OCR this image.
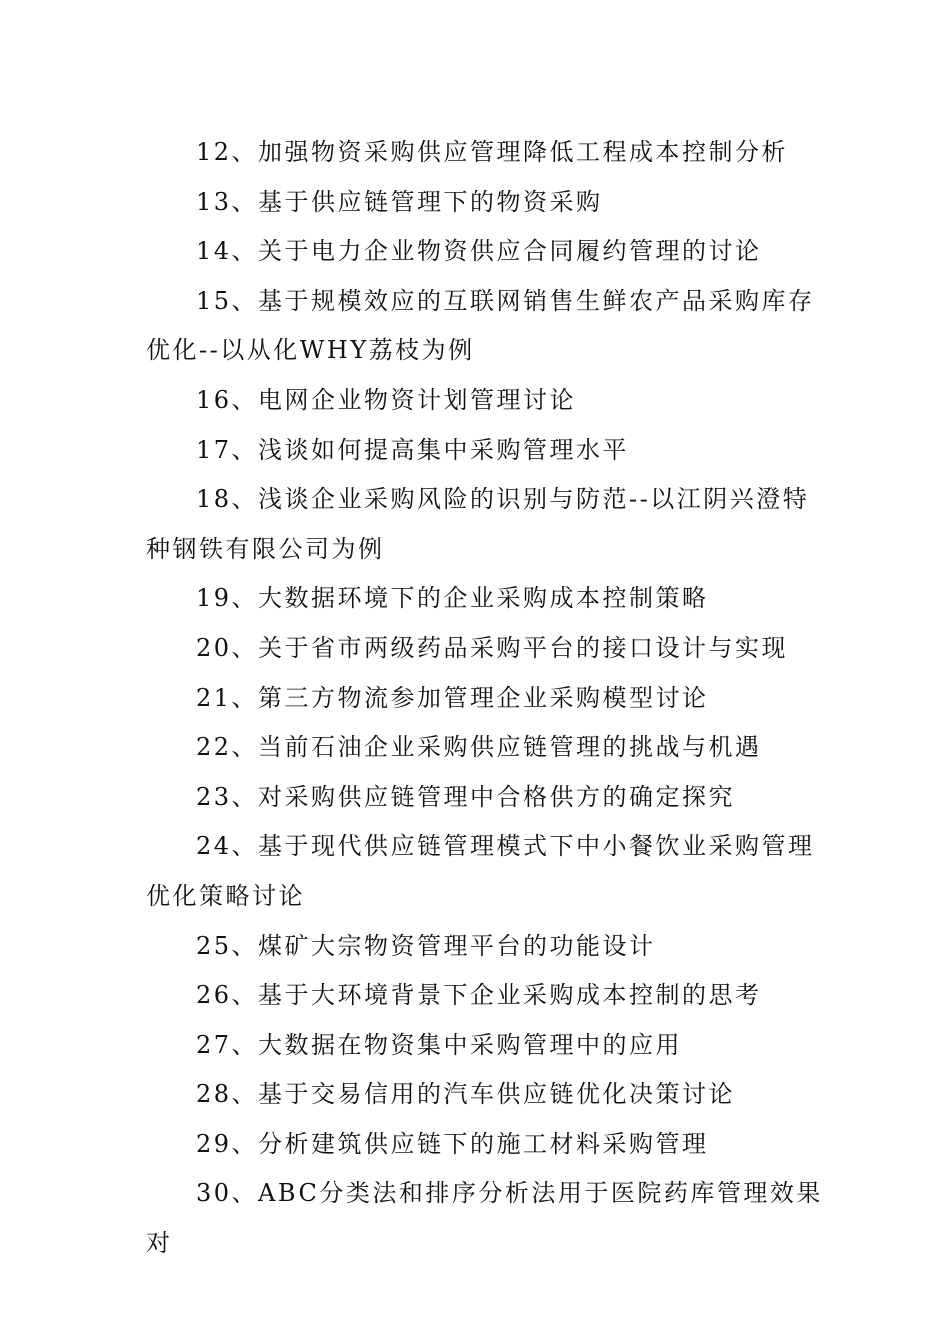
12、加强物资采购供应管理降低工程成本控制分析

13、基于供应链管理下的物资采购

14、关于电力企业物资供应合同履约管理的讨论

15、基于规模效应的互联网销售生鲜农产品采购库存优化--以从化WHY荔枝为例

16、电网企业物资计划管理讨论

17、浅谈如何提高集中采购管理水平

18、浅谈企业采购风险的识别与防范--以江阴兴澄特种钢铁有限公司为例

19、大数据环境下的企业采购成本控制策略

20、关于省市两级药品采购平台的接口设计与实现

21、第三方物流参加管理企业采购模型讨论

22、当前石油企业采购供应链管理的挑战与机遇

23、对采购供应链管理中合格供方的确定探究

24、基于现代供应链管理模式下中小餐饮业采购管理优化策略讨论

25、煤矿大宗物资管理平台的功能设计

26、基于大环境背景下企业采购成本控制的思考

27、大数据在物资集中采购管理中的应用

28、基于交易信用的汽车供应链优化决策讨论

29、分析建筑供应链下的施工材料采购管理

30、ABC分类法和排序分析法用于医院药库管理效果对
